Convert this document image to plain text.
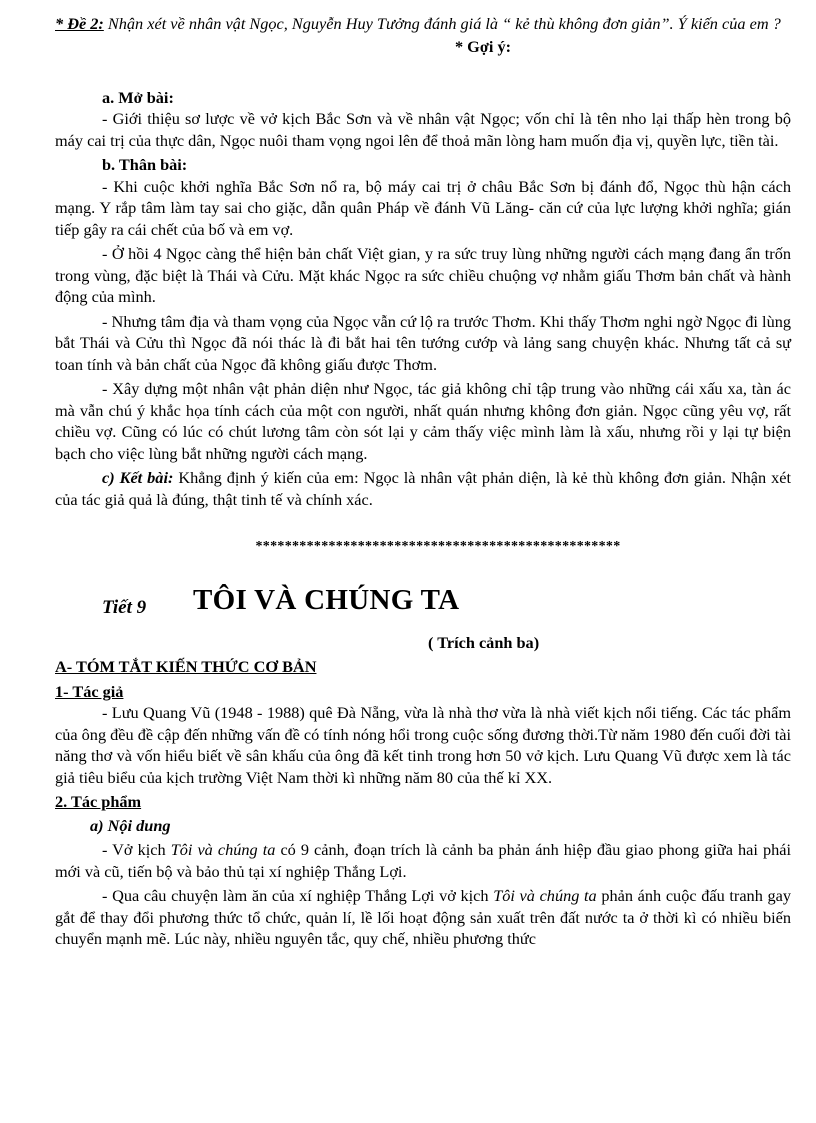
* Đề 2: Nhận xét về nhân vật Ngọc, Nguyễn Huy Tưởng đánh giá là “ kẻ thù không đơn giản”. Ý kiến của em ?

* Gợi ý:

a. Mở bài:

- Giới thiệu sơ lược về vở kịch Bắc Sơn và về nhân vật Ngọc; vốn chỉ là tên nho lại thấp hèn trong bộ máy cai trị của thực dân, Ngọc nuôi tham vọng ngoi lên để thoả mãn lòng ham muốn địa vị, quyền lực, tiền tài.

b. Thân bài:

- Khi cuộc khởi nghĩa Bắc Sơn nổ ra, bộ máy cai trị ở châu Bắc Sơn bị đánh đổ, Ngọc thù hận cách mạng. Y rắp tâm làm tay sai cho giặc, dẫn quân Pháp về đánh Vũ Lăng- căn cứ của lực lượng khởi nghĩa; gián tiếp gây ra cái chết của bố và em vợ.

- Ở hồi 4 Ngọc càng thể hiện bản chất Việt gian, y ra sức truy lùng những người cách mạng đang ẩn trốn trong vùng, đặc biệt là Thái và Cửu. Mặt khác Ngọc ra sức chiều chuộng vợ nhằm giấu Thơm bản chất và hành động của mình.

- Nhưng tâm địa và tham vọng của Ngọc vẫn cứ lộ ra trước Thơm. Khi thấy Thơm nghi ngờ Ngọc đi lùng bắt Thái và Cửu thì Ngọc đã nói thác là đi bắt hai tên tướng cướp và lảng sang chuyện khác. Nhưng tất cả sự toan tính và bản chất của Ngọc đã không giấu được Thơm.

- Xây dựng một nhân vật phản diện như Ngọc, tác giả không chỉ tập trung vào những cái xấu xa, tàn ác mà vẫn chú ý khắc họa tính cách của một con người, nhất quán nhưng không đơn giản. Ngọc cũng yêu vợ, rất chiều vợ. Cũng có lúc có chút lương tâm còn sót lại y cảm thấy việc mình làm là xấu, nhưng rồi y lại tự biện bạch cho việc lùng bắt những người cách mạng.

c) Kết bài: Khẳng định ý kiến của em: Ngọc là nhân vật phản diện, là kẻ thù không đơn giản. Nhận xét của tác giả quả là đúng, thật tinh tế và chính xác.

**************************************************

Tiết 9 TÔI VÀ CHÚNG TA

( Trích cảnh ba)

A- TÓM TẮT KIẾN THỨC CƠ BẢN

1- Tác giả

- Lưu Quang Vũ (1948 - 1988) quê Đà Nẵng, vừa là nhà thơ vừa là nhà viết kịch nổi tiếng. Các tác phẩm của ông đều đề cập đến những vấn đề có tính nóng hổi trong cuộc sống đương thời.Từ năm 1980 đến cuối đời tài năng thơ và vốn hiểu biết về sân khấu của ông đã kết tinh trong hơn 50 vở kịch. Lưu Quang Vũ được xem là tác giả tiêu biểu của kịch trường Việt Nam thời kì những năm 80 của thế kỉ XX.

2. Tác phẩm

a) Nội dung

- Vở kịch Tôi và chúng ta có 9 cảnh, đoạn trích là cảnh ba phản ánh hiệp đầu giao phong giữa hai phái mới và cũ, tiến bộ và bảo thủ tại xí nghiệp Thắng Lợi.

- Qua câu chuyện làm ăn của xí nghiệp Thắng Lợi vở kịch Tôi và chúng ta phản ánh cuộc đấu tranh gay gắt để thay đổi phương thức tổ chức, quản lí, lề lối hoạt động sản xuất trên đất nước ta ở thời kì có nhiều biến chuyển mạnh mẽ. Lúc này, nhiều nguyên tắc, quy chế, nhiều phương thức
